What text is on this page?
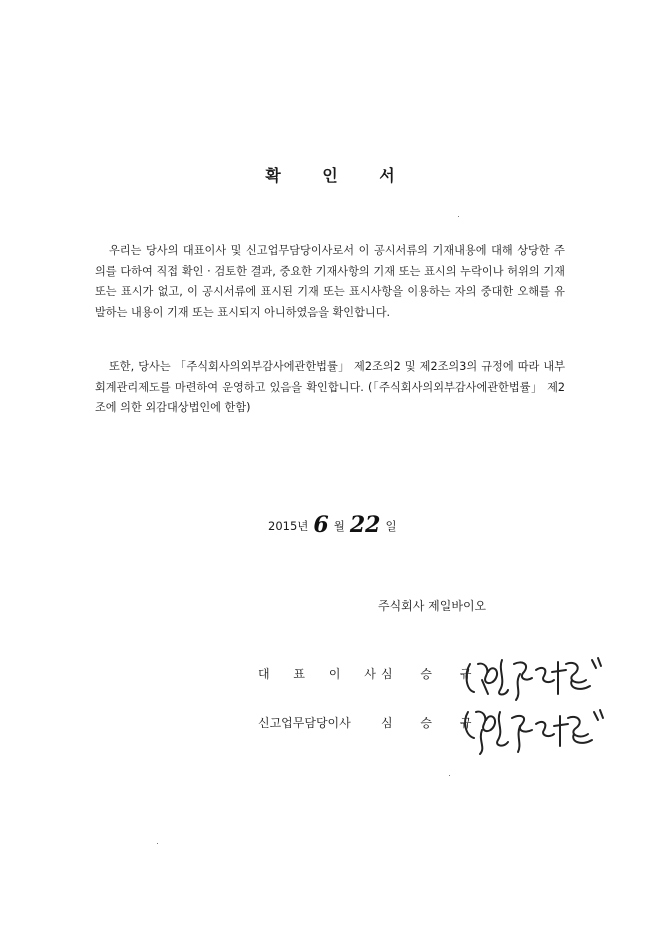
확 인 서

우리는 당사의 대표이사 및 신고업무담당이사로서 이 공시서류의 기재내용에 대해 상당한 주의를 다하여 직접 확인 · 검토한 결과, 중요한 기재사항의 기재 또는 표시의 누락이나 허위의 기재 또는 표시가 없고, 이 공시서류에 표시된 기재 또는 표시사항을 이용하는 자의 중대한 오해를 유발하는 내용이 기재 또는 표시되지 아니하였음을 확인합니다.

또한, 당사는 「주식회사의외부감사에관한법률」 제2조의2 및 제2조의3의 규정에 따라 내부회계관리제도를 마련하여 운영하고 있음을 확인합니다. (「주식회사의외부감사에관한법률」 제2조에 의한 외감대상법인에 한함)

2015년 6 월 22 일
주식회사 제일바이오
대 표 이 사
심 승 규
신고업무담당이사	심 승 규
